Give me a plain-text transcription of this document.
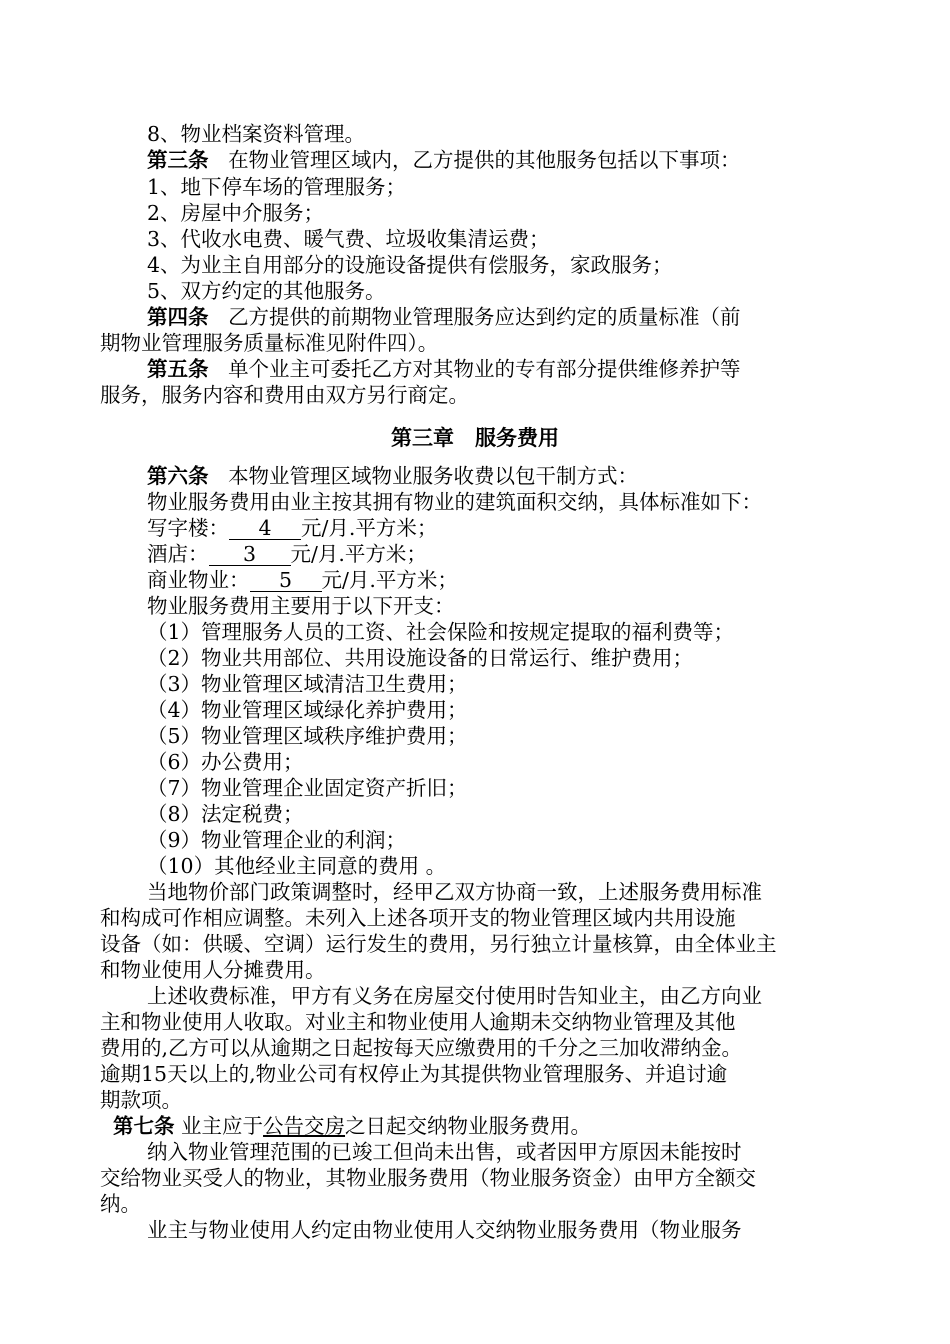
8、物业档案资料管理。
第三条 在物业管理区域内，乙方提供的其他服务包括以下事项：
1、地下停车场的管理服务；
2、房屋中介服务；
3、代收水电费、暖气费、垃圾收集清运费；
4、为业主自用部分的设施设备提供有偿服务，家政服务；
5、双方约定的其他服务。
第四条 乙方提供的前期物业管理服务应达到约定的质量标准（前
期物业管理服务质量标准见附件四）。
第五条 单个业主可委托乙方对其物业的专有部分提供维修养护等
服务，服务内容和费用由双方另行商定。
第三章　服务费用
第六条 本物业管理区域物业服务收费以包干制方式：
物业服务费用由业主按其拥有物业的建筑面积交纳，具体标准如下：
写字楼： 4 元/月.平方米；
酒店： 3 元/月.平方米；
商业物业： 5 元/月.平方米；
物业服务费用主要用于以下开支：
（1）管理服务人员的工资、社会保险和按规定提取的福利费等；
（2）物业共用部位、共用设施设备的日常运行、维护费用；
（3）物业管理区域清洁卫生费用；
（4）物业管理区域绿化养护费用；
（5）物业管理区域秩序维护费用；
（6）办公费用；
（7）物业管理企业固定资产折旧；
（8）法定税费；
（9）物业管理企业的利润；
（10）其他经业主同意的费用 。
当地物价部门政策调整时，经甲乙双方协商一致，上述服务费用标准
和构成可作相应调整。未列入上述各项开支的物业管理区域内共用设施
设备（如：供暖、空调）运行发生的费用，另行独立计量核算，由全体业主
和物业使用人分摊费用。
上述收费标准，甲方有义务在房屋交付使用时告知业主，由乙方向业
主和物业使用人收取。对业主和物业使用人逾期未交纳物业管理及其他
费用的,乙方可以从逾期之日起按每天应缴费用的千分之三加收滞纳金。
逾期15天以上的,物业公司有权停止为其提供物业管理服务、并追讨逾
期款项。
第七条 业主应于公告交房之日起交纳物业服务费用。
纳入物业管理范围的已竣工但尚未出售，或者因甲方原因未能按时
交给物业买受人的物业，其物业服务费用（物业服务资金）由甲方全额交
纳。
业主与物业使用人约定由物业使用人交纳物业服务费用（物业服务
